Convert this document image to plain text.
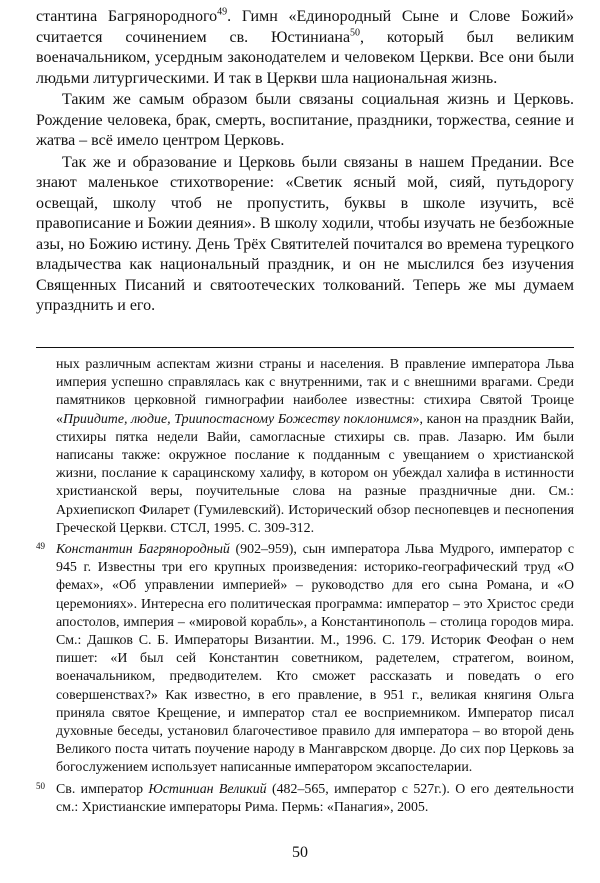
стантина Багрянородного$^{49}$. Гимн «Единородный Сыне и Слове Божий» считается сочинением св. Юстиниана$^{50}$, который был великим военачальником, усердным законодателем и человеком Церкви. Все они были людьми литургическими. И так в Церкви шла национальная жизнь.

Таким же самым образом были связаны социальная жизнь и Церковь. Рождение человека, брак, смерть, воспитание, праздники, торжества, сеяние и жатва – всё имело центром Церковь.

Так же и образование и Церковь были связаны в нашем Предании. Все знают маленькое стихотворение: «Светик ясный мой, сияй, путьдорогу освещай, школу чтоб не пропустить, буквы в школе изучить, всё правописание и Божии деяния». В школу ходили, чтобы изучать не безбожные азы, но Божию истину. День Трёх Святителей почитался во времена турецкого владычества как национальный праздник, и он не мыслился без изучения Священных Писаний и святоотеческих толкований. Теперь же мы думаем упразднить и его.

ных различным аспектам жизни страны и населения. В правление императора Льва империя успешно справлялась как с внутренними, так и с внешними врагами. Среди памятников церковной гимнографии наиболее известны: стихира Святой Троице «Приидите, людие, Триипостасному Божеству поклонимся», канон на праздник Вайи, стихиры пятка недели Вайи, самогласные стихиры св. прав. Лазарю. Им были написаны также: окружное послание к подданным с увещанием о христианской жизни, послание к сарацинскому халифу, в котором он убеждал халифа в истинности христианской веры, поучительные слова на разные праздничные дни. См.: Архиепископ Филарет (Гумилевский). Исторический обзор песнопевцев и песнопения Греческой Церкви. СТСЛ, 1995. С. 309-312.

49 Константин Багрянородный (902–959), сын императора Льва Мудрого, император с 945 г. Известны три его крупных произведения: историко-географический труд «О фемах», «Об управлении империей» – руководство для его сына Романа, и «О церемониях». Интересна его политическая программа: император – это Христос среди апостолов, империя – «мировой корабль», а Константинополь – столица городов мира. См.: Дашков С. Б. Императоры Византии. М., 1996. С. 179. Историк Феофан о нем пишет: «И был сей Константин советником, радетелем, стратегом, воином, военачальником, предводителем. Кто сможет рассказать и поведать о его совершенствах?» Как известно, в его правление, в 951 г., великая княгиня Ольга приняла святое Крещение, и император стал ее восприемником. Император писал духовные беседы, установил благочестивое правило для императора – во второй день Великого поста читать поучение народу в Мангаврском дворце. До сих пор Церковь за богослужением использует написанные императором эксапостеларии.

50 Св. император Юстиниан Великий (482–565, император с 527г.). О его деятельности см.: Христианские императоры Рима. Пермь: «Панагия», 2005.

50
